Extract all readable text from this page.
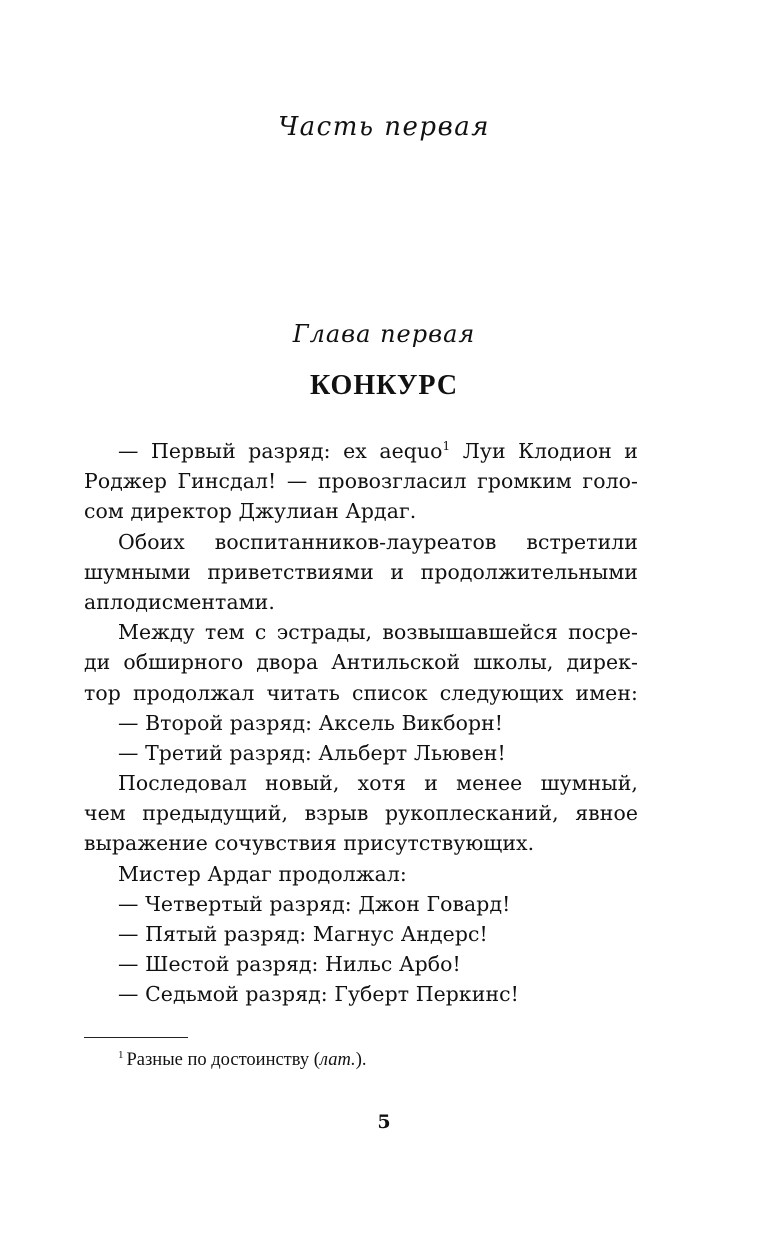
Часть первая
Глава первая
КОНКУРС
— Первый разряд: ex aequo$^1$ Луи Клодион и
Роджер Гинсдал! — провозгласил громким голо-
сом директор Джулиан Ардаг.
Обоих воспитанников-лауреатов встретили
шумными приветствиями и продолжительными
аплодисментами.
Между тем с эстрады, возвышавшейся посре-
ди обширного двора Антильской школы, дирек-
тор продолжал читать список следующих имен:
— Второй разряд: Аксель Викборн!
— Третий разряд: Альберт Льювен!
Последовал новый, хотя и менее шумный,
чем предыдущий, взрыв рукоплесканий, явное
выражение сочувствия присутствующих.
Мистер Ардаг продолжал:
— Четвертый разряд: Джон Говард!
— Пятый разряд: Магнус Андерс!
— Шестой разряд: Нильс Арбо!
— Седьмой разряд: Губерт Перкинс!
$^1$ Разные по достоинству (лат.).
5
